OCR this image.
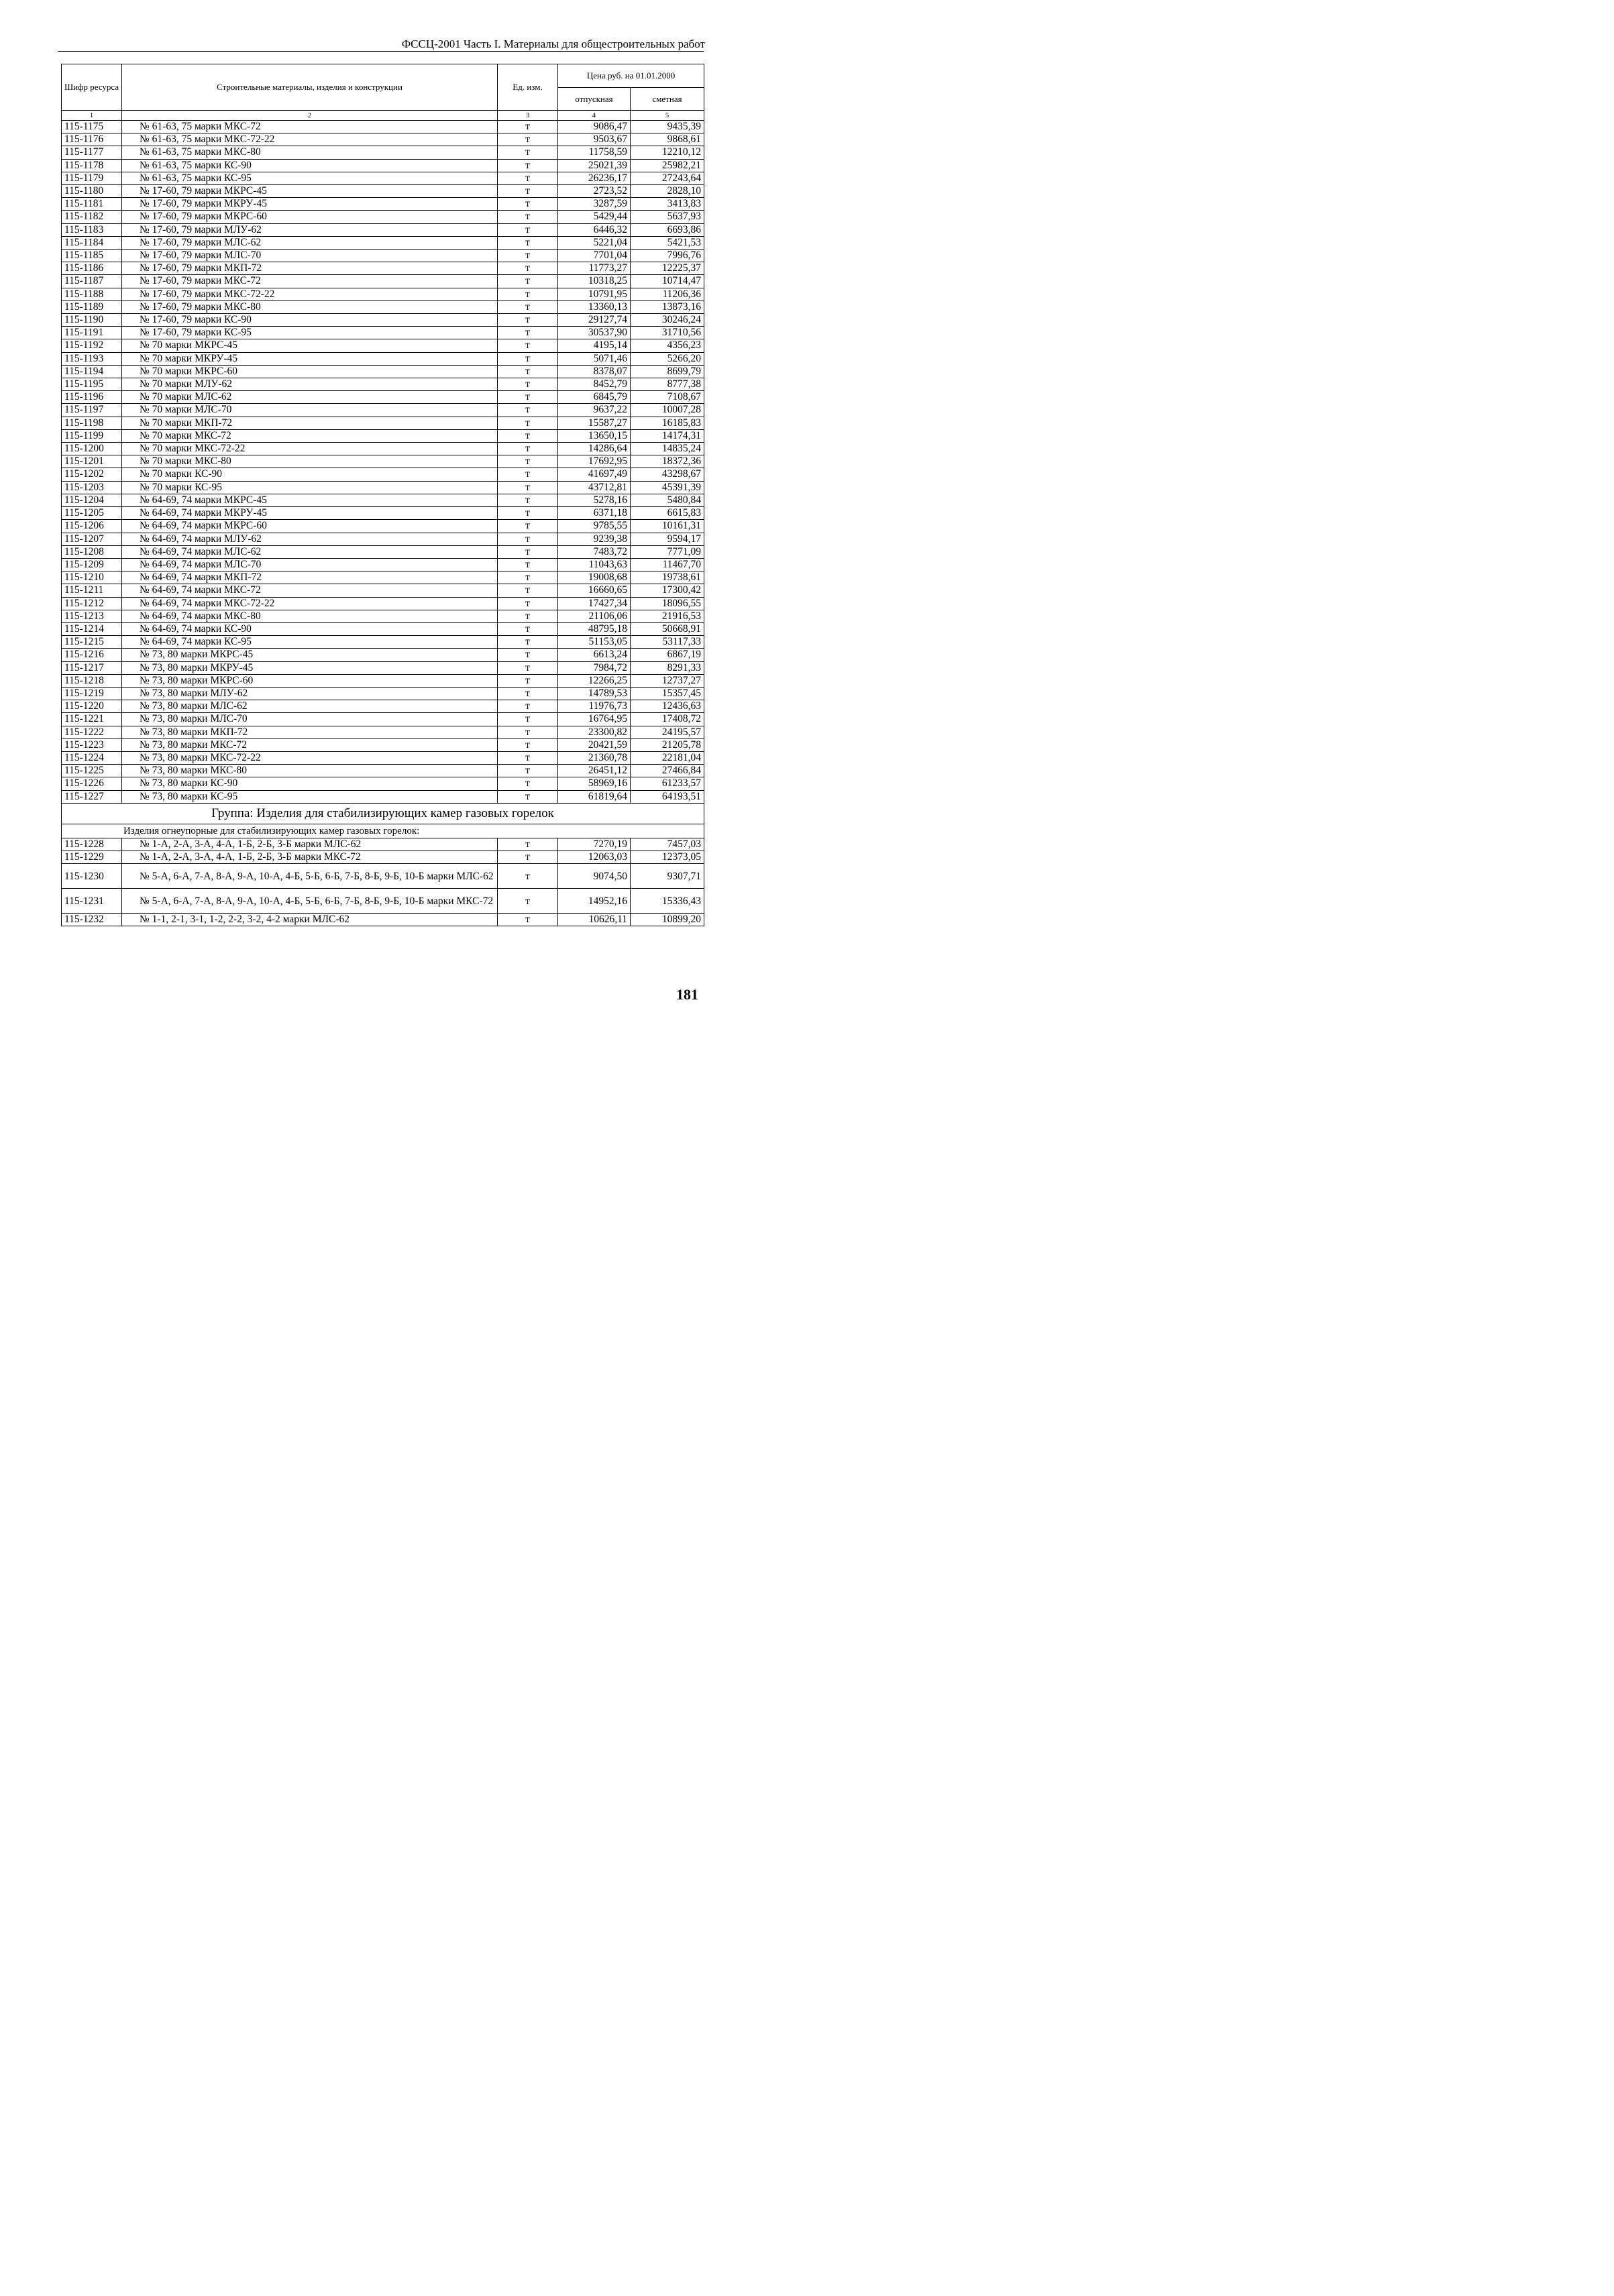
ФССЦ-2001 Часть I. Материалы для общестроительных работ
Шифр ресурса	Строительные материалы, изделия и конструкции	Ед. изм.	Цена руб. на 01.01.2000	
			отпускная	сметная
1	2	3	4	5
115-1175	№ 61-63, 75 марки МКС-72	т	9086,47	9435,39
115-1176	№ 61-63, 75 марки МКС-72-22	т	9503,67	9868,61
115-1177	№ 61-63, 75 марки МКС-80	т	11758,59	12210,12
115-1178	№ 61-63, 75 марки КС-90	т	25021,39	25982,21
115-1179	№ 61-63, 75 марки КС-95	т	26236,17	27243,64
115-1180	№ 17-60, 79 марки МКРС-45	т	2723,52	2828,10
115-1181	№ 17-60, 79 марки МКРУ-45	т	3287,59	3413,83
115-1182	№ 17-60, 79 марки МКРС-60	т	5429,44	5637,93
115-1183	№ 17-60, 79 марки МЛУ-62	т	6446,32	6693,86
115-1184	№ 17-60, 79 марки МЛС-62	т	5221,04	5421,53
115-1185	№ 17-60, 79 марки МЛС-70	т	7701,04	7996,76
115-1186	№ 17-60, 79 марки МКП-72	т	11773,27	12225,37
115-1187	№ 17-60, 79 марки МКС-72	т	10318,25	10714,47
115-1188	№ 17-60, 79 марки МКС-72-22	т	10791,95	11206,36
115-1189	№ 17-60, 79 марки МКС-80	т	13360,13	13873,16
115-1190	№ 17-60, 79 марки КС-90	т	29127,74	30246,24
115-1191	№ 17-60, 79 марки КС-95	т	30537,90	31710,56
115-1192	№ 70 марки МКРС-45	т	4195,14	4356,23
115-1193	№ 70 марки МКРУ-45	т	5071,46	5266,20
115-1194	№ 70 марки МКРС-60	т	8378,07	8699,79
115-1195	№ 70 марки МЛУ-62	т	8452,79	8777,38
115-1196	№ 70 марки МЛС-62	т	6845,79	7108,67
115-1197	№ 70 марки МЛС-70	т	9637,22	10007,28
115-1198	№ 70 марки МКП-72	т	15587,27	16185,83
115-1199	№ 70 марки МКС-72	т	13650,15	14174,31
115-1200	№ 70 марки МКС-72-22	т	14286,64	14835,24
115-1201	№ 70 марки МКС-80	т	17692,95	18372,36
115-1202	№ 70 марки КС-90	т	41697,49	43298,67
115-1203	№ 70 марки КС-95	т	43712,81	45391,39
115-1204	№ 64-69, 74 марки МКРС-45	т	5278,16	5480,84
115-1205	№ 64-69, 74 марки МКРУ-45	т	6371,18	6615,83
115-1206	№ 64-69, 74 марки МКРС-60	т	9785,55	10161,31
115-1207	№ 64-69, 74 марки МЛУ-62	т	9239,38	9594,17
115-1208	№ 64-69, 74 марки МЛС-62	т	7483,72	7771,09
115-1209	№ 64-69, 74 марки МЛС-70	т	11043,63	11467,70
115-1210	№ 64-69, 74 марки МКП-72	т	19008,68	19738,61
115-1211	№ 64-69, 74 марки МКС-72	т	16660,65	17300,42
115-1212	№ 64-69, 74 марки МКС-72-22	т	17427,34	18096,55
115-1213	№ 64-69, 74 марки МКС-80	т	21106,06	21916,53
115-1214	№ 64-69, 74 марки КС-90	т	48795,18	50668,91
115-1215	№ 64-69, 74 марки КС-95	т	51153,05	53117,33
115-1216	№ 73, 80 марки МКРС-45	т	6613,24	6867,19
115-1217	№ 73, 80 марки МКРУ-45	т	7984,72	8291,33
115-1218	№ 73, 80 марки МКРС-60	т	12266,25	12737,27
115-1219	№ 73, 80 марки МЛУ-62	т	14789,53	15357,45
115-1220	№ 73, 80 марки МЛС-62	т	11976,73	12436,63
115-1221	№ 73, 80 марки МЛС-70	т	16764,95	17408,72
115-1222	№ 73, 80 марки МКП-72	т	23300,82	24195,57
115-1223	№ 73, 80 марки МКС-72	т	20421,59	21205,78
115-1224	№ 73, 80 марки МКС-72-22	т	21360,78	22181,04
115-1225	№ 73, 80 марки МКС-80	т	26451,12	27466,84
115-1226	№ 73, 80 марки КС-90	т	58969,16	61233,57
115-1227	№ 73, 80 марки КС-95	т	61819,64	64193,51
Группа: Изделия для стабилизирующих камер газовых горелок				
Изделия огнеупорные для стабилизирующих камер газовых горелок:				
115-1228	№ 1-А, 2-А, 3-А, 4-А, 1-Б, 2-Б, 3-Б марки МЛС-62	т	7270,19	7457,03
115-1229	№ 1-А, 2-А, 3-А, 4-А, 1-Б, 2-Б, 3-Б марки МКС-72	т	12063,03	12373,05
115-1230	№ 5-А, 6-А, 7-А, 8-А, 9-А, 10-А, 4-Б, 5-Б, 6-Б, 7-Б, 8-Б, 9-Б, 10-Б марки МЛС-62	т	9074,50	9307,71
115-1231	№ 5-А, 6-А, 7-А, 8-А, 9-А, 10-А, 4-Б, 5-Б, 6-Б, 7-Б, 8-Б, 9-Б, 10-Б марки МКС-72	т	14952,16	15336,43
115-1232	№ 1-1, 2-1, 3-1, 1-2, 2-2, 3-2, 4-2 марки МЛС-62	т	10626,11	10899,20
181
